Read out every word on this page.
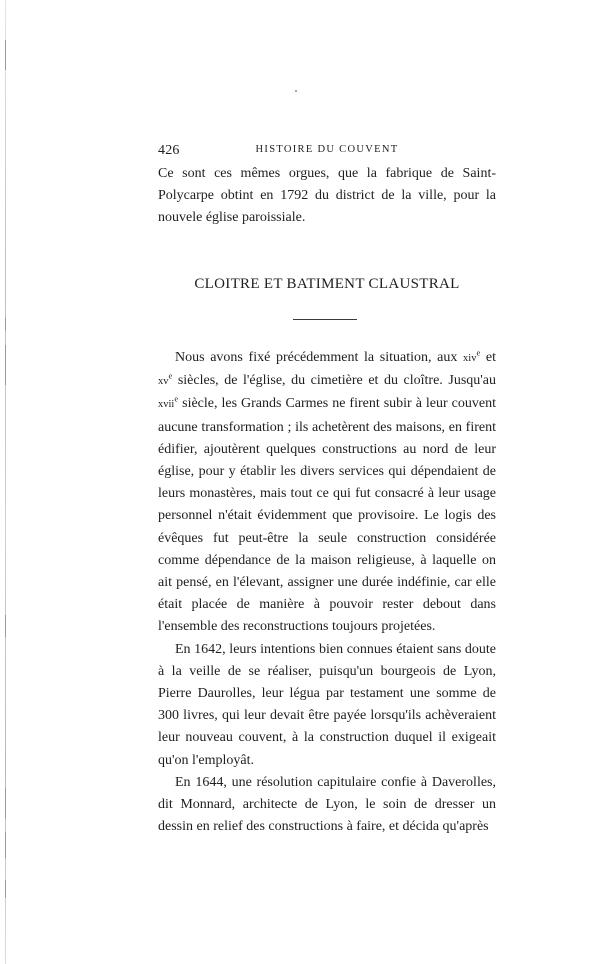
426	HISTOIRE DU COUVENT

Ce sont ces mêmes orgues, que la fabrique de Saint-Polycarpe obtint en 1792 du district de la ville, pour la nouvele église paroissiale.

CLOITRE ET BATIMENT CLAUSTRAL

Nous avons fixé précédemment la situation, aux xiv$^e$ et $xv^e$ siècles, de l'église, du cimetière et du cloître. Jusqu'au xvii$^e$ siècle, les Grands Carmes ne firent subir à leur couvent aucune transformation ; ils achetèrent des maisons, en firent édifier, ajoutèrent quelques constructions au nord de leur église, pour y établir les divers services qui dépendaient de leurs monastères, mais tout ce qui fut consacré à leur usage personnel n'était évidemment que provisoire. Le logis des évêques fut peut-être la seule construction considérée comme dépendance de la maison religieuse, à laquelle on ait pensé, en l'élevant, assigner une durée indéfinie, car elle était placée de manière à pouvoir rester debout dans l'ensemble des reconstructions toujours projetées.

En 1642, leurs intentions bien connues étaient sans doute à la veille de se réaliser, puisqu'un bourgeois de Lyon, Pierre Daurolles, leur légua par testament une somme de 300 livres, qui leur devait être payée lorsqu'ils achèveraient leur nouveau couvent, à la construction duquel il exigeait qu'on l'employât.

En 1644, une résolution capitulaire confie à Daverolles, dit Monnard, architecte de Lyon, le soin de dresser un dessin en relief des constructions à faire, et décida qu'après
